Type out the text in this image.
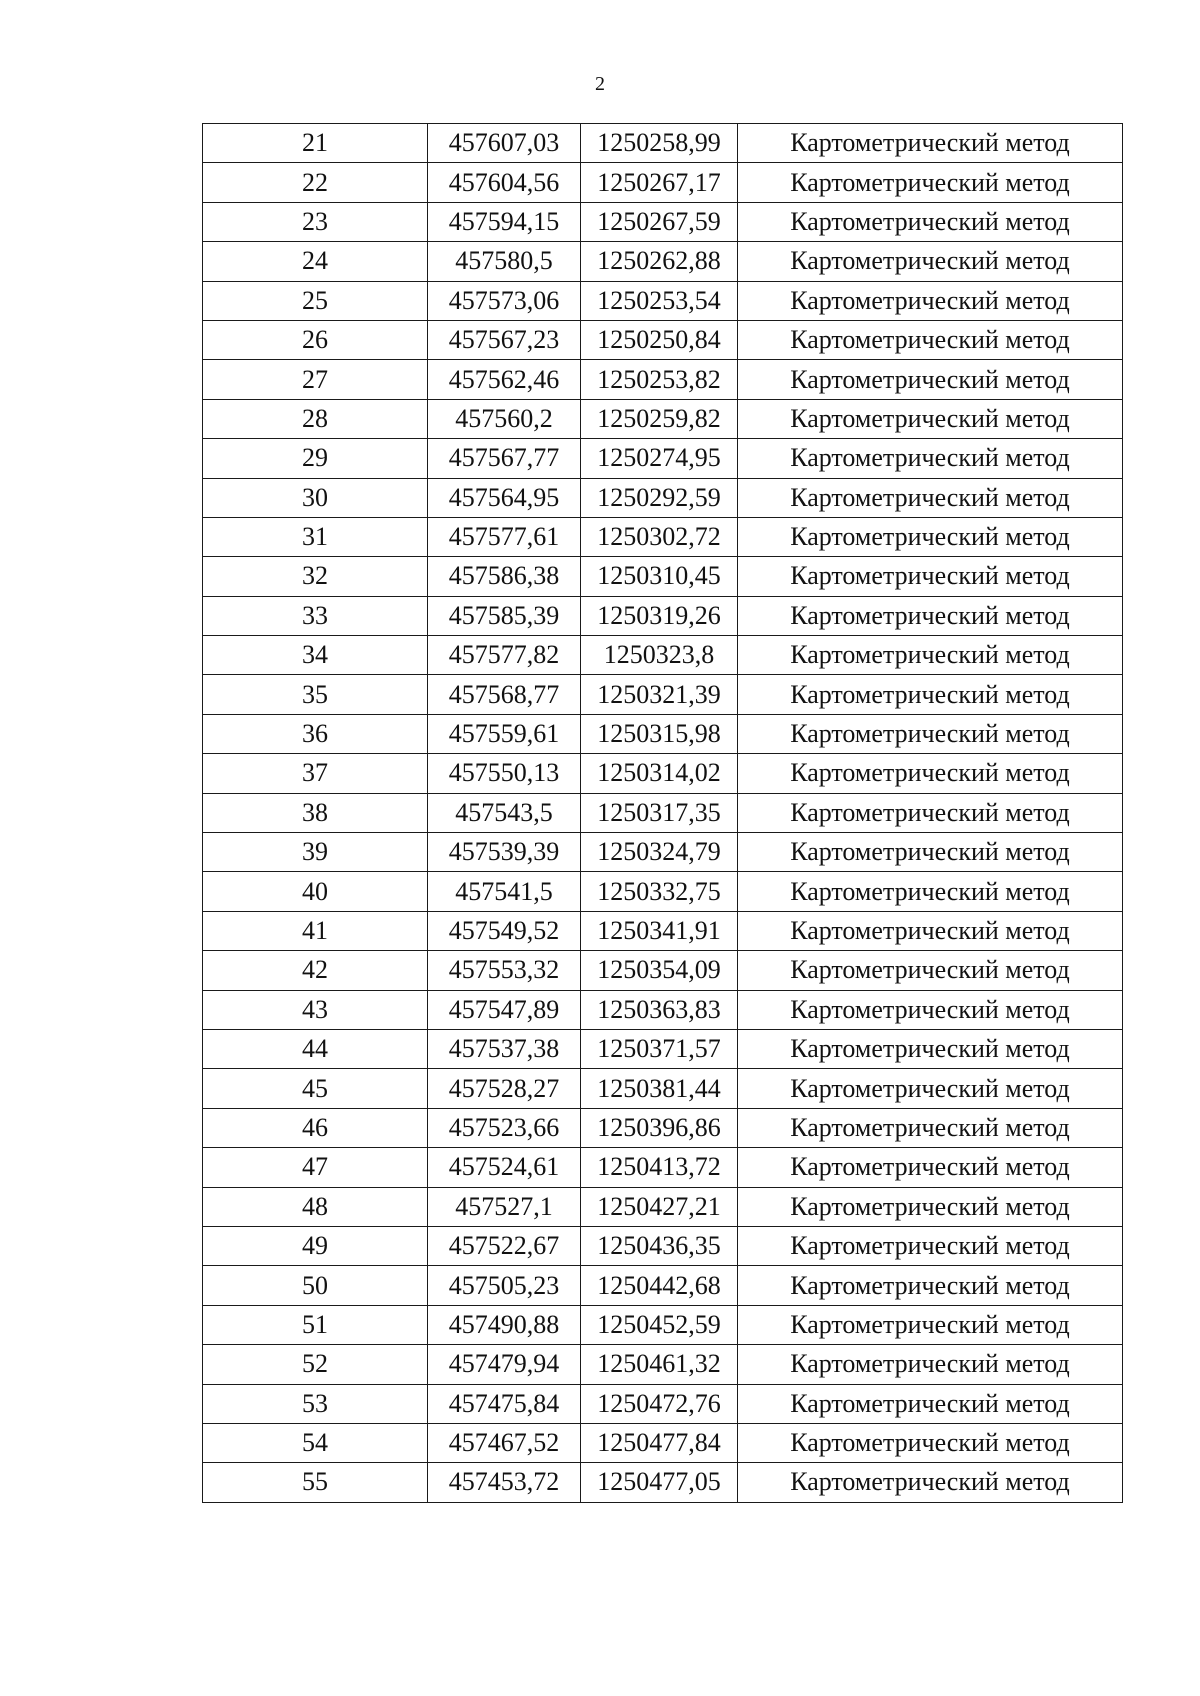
2
21	457607,03	1250258,99	Картометрический метод
22	457604,56	1250267,17	Картометрический метод
23	457594,15	1250267,59	Картометрический метод
24	457580,5	1250262,88	Картометрический метод
25	457573,06	1250253,54	Картометрический метод
26	457567,23	1250250,84	Картометрический метод
27	457562,46	1250253,82	Картометрический метод
28	457560,2	1250259,82	Картометрический метод
29	457567,77	1250274,95	Картометрический метод
30	457564,95	1250292,59	Картометрический метод
31	457577,61	1250302,72	Картометрический метод
32	457586,38	1250310,45	Картометрический метод
33	457585,39	1250319,26	Картометрический метод
34	457577,82	1250323,8	Картометрический метод
35	457568,77	1250321,39	Картометрический метод
36	457559,61	1250315,98	Картометрический метод
37	457550,13	1250314,02	Картометрический метод
38	457543,5	1250317,35	Картометрический метод
39	457539,39	1250324,79	Картометрический метод
40	457541,5	1250332,75	Картометрический метод
41	457549,52	1250341,91	Картометрический метод
42	457553,32	1250354,09	Картометрический метод
43	457547,89	1250363,83	Картометрический метод
44	457537,38	1250371,57	Картометрический метод
45	457528,27	1250381,44	Картометрический метод
46	457523,66	1250396,86	Картометрический метод
47	457524,61	1250413,72	Картометрический метод
48	457527,1	1250427,21	Картометрический метод
49	457522,67	1250436,35	Картометрический метод
50	457505,23	1250442,68	Картометрический метод
51	457490,88	1250452,59	Картометрический метод
52	457479,94	1250461,32	Картометрический метод
53	457475,84	1250472,76	Картометрический метод
54	457467,52	1250477,84	Картометрический метод
55	457453,72	1250477,05	Картометрический метод
